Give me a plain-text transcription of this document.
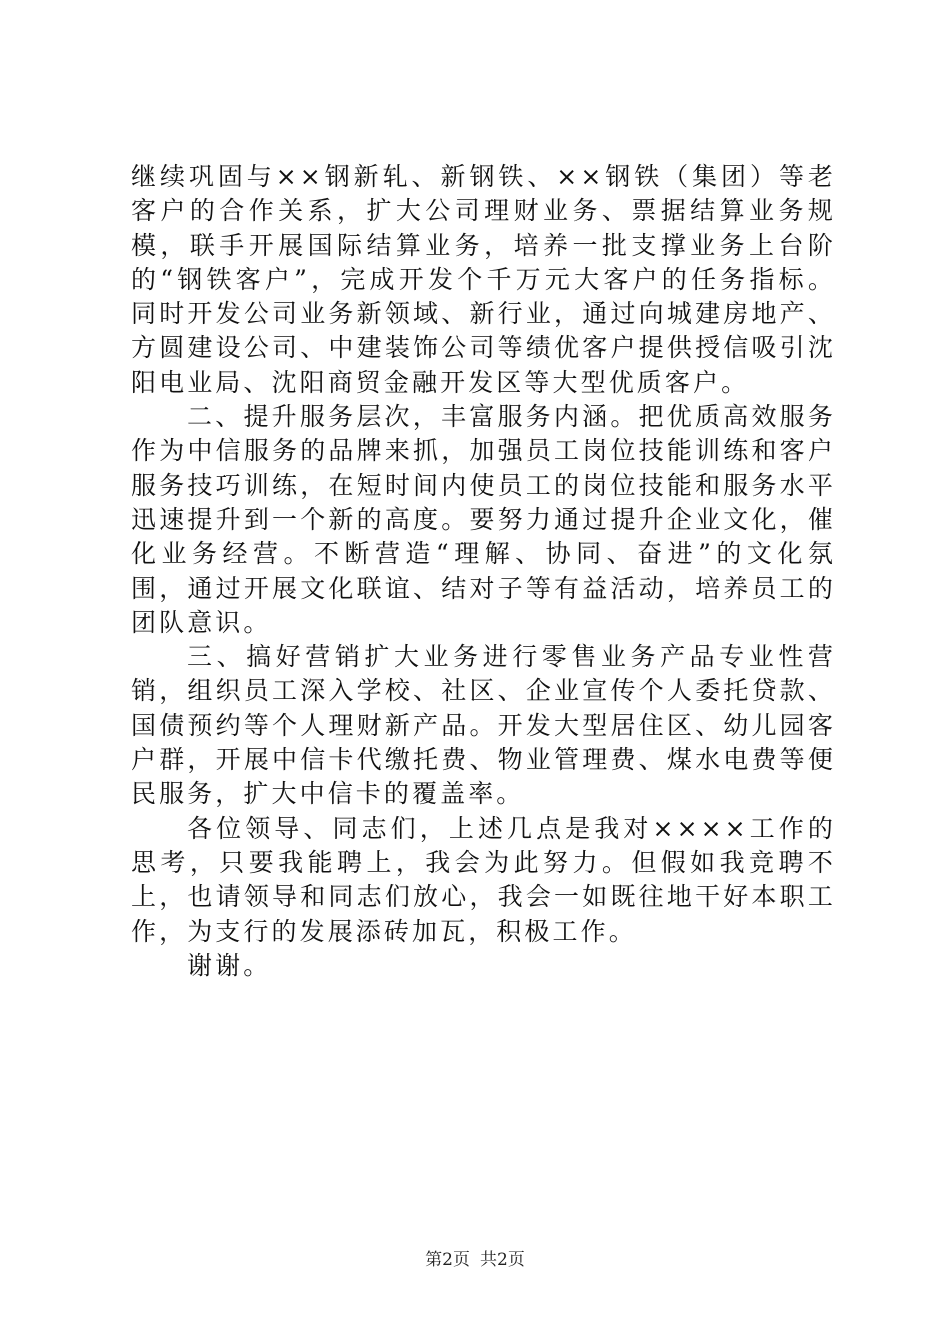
继续巩固与××钢新轧、新钢铁、××钢铁（集团）等老客户的合作关系，扩大公司理财业务、票据结算业务规模，联手开展国际结算业务，培养一批支撑业务上台阶的“钢铁客户”，完成开发个千万元大客户的任务指标。同时开发公司业务新领域、新行业，通过向城建房地产、方圆建设公司、中建装饰公司等绩优客户提供授信吸引沈阳电业局、沈阳商贸金融开发区等大型优质客户。

二、提升服务层次，丰富服务内涵。把优质高效服务作为中信服务的品牌来抓，加强员工岗位技能训练和客户服务技巧训练，在短时间内使员工的岗位技能和服务水平迅速提升到一个新的高度。要努力通过提升企业文化，催化业务经营。不断营造“理解、协同、奋进”的文化氛围，通过开展文化联谊、结对子等有益活动，培养员工的团队意识。

三、搞好营销扩大业务进行零售业务产品专业性营销，组织员工深入学校、社区、企业宣传个人委托贷款、国债预约等个人理财新产品。开发大型居住区、幼儿园客户群，开展中信卡代缴托费、物业管理费、煤水电费等便民服务，扩大中信卡的覆盖率。

各位领导、同志们，上述几点是我对××××工作的思考，只要我能聘上，我会为此努力。但假如我竞聘不上，也请领导和同志们放心，我会一如既往地干好本职工作，为支行的发展添砖加瓦，积极工作。

谢谢。

第2页 共2页
